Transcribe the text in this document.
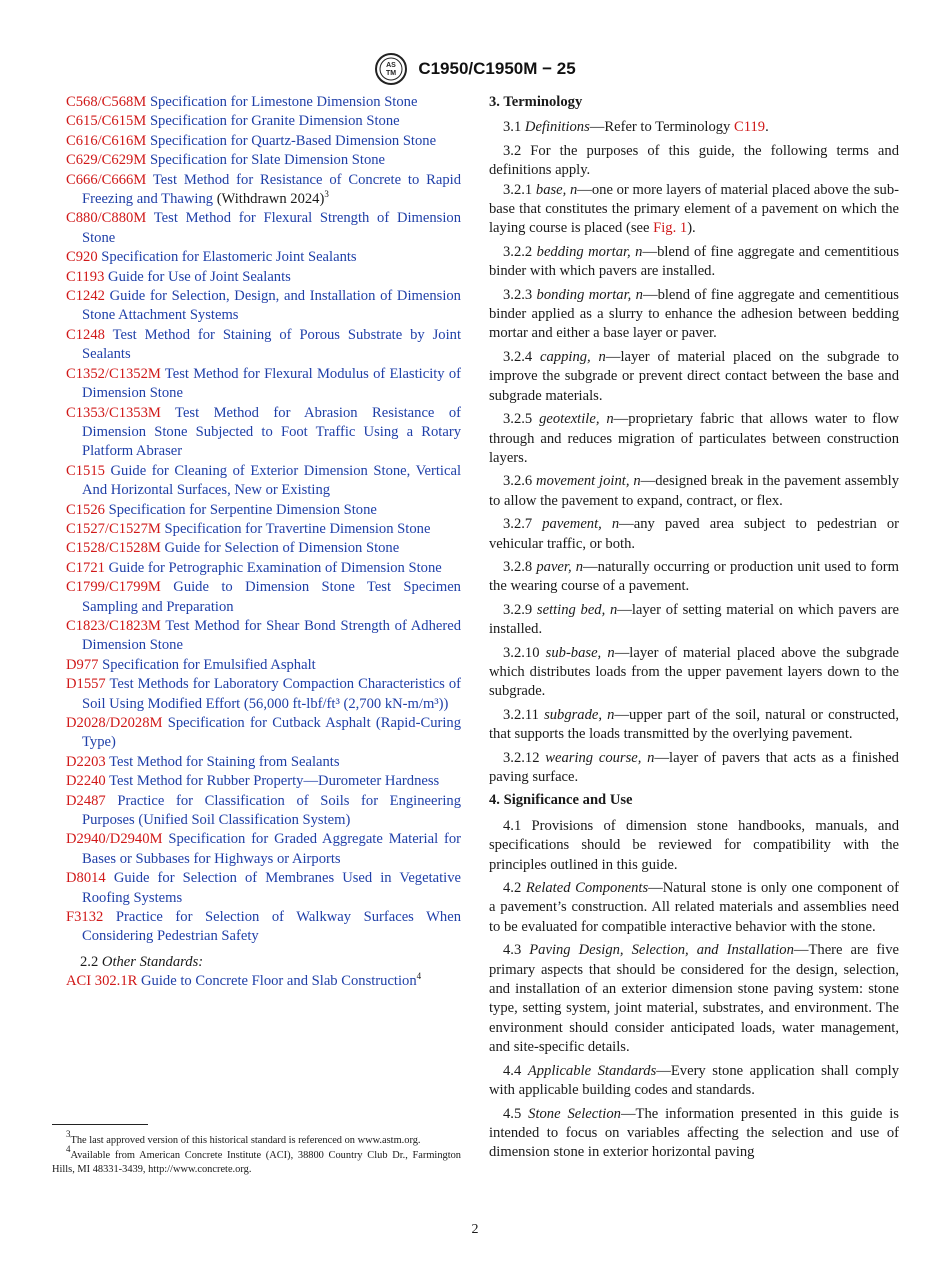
AS
TM C1950/C1950M − 25

C568/C568M Specification for Limestone Dimension Stone

C615/C615M Specification for Granite Dimension Stone

C616/C616M Specification for Quartz-Based Dimension Stone

C629/C629M Specification for Slate Dimension Stone

C666/C666M Test Method for Resistance of Concrete to Rapid Freezing and Thawing (Withdrawn 2024)$^3$

C880/C880M Test Method for Flexural Strength of Dimension Stone

C920 Specification for Elastomeric Joint Sealants

C1193 Guide for Use of Joint Sealants

C1242 Guide for Selection, Design, and Installation of Dimension Stone Attachment Systems

C1248 Test Method for Staining of Porous Substrate by Joint Sealants

C1352/C1352M Test Method for Flexural Modulus of Elasticity of Dimension Stone

C1353/C1353M Test Method for Abrasion Resistance of Dimension Stone Subjected to Foot Traffic Using a Rotary Platform Abraser

C1515 Guide for Cleaning of Exterior Dimension Stone, Vertical And Horizontal Surfaces, New or Existing

C1526 Specification for Serpentine Dimension Stone

C1527/C1527M Specification for Travertine Dimension Stone

C1528/C1528M Guide for Selection of Dimension Stone

C1721 Guide for Petrographic Examination of Dimension Stone

C1799/C1799M Guide to Dimension Stone Test Specimen Sampling and Preparation

C1823/C1823M Test Method for Shear Bond Strength of Adhered Dimension Stone

D977 Specification for Emulsified Asphalt

D1557 Test Methods for Laboratory Compaction Characteristics of Soil Using Modified Effort (56,000 ft-lbf/ft³ (2,700 kN-m/m³))

D2028/D2028M Specification for Cutback Asphalt (Rapid-Curing Type)

D2203 Test Method for Staining from Sealants

D2240 Test Method for Rubber Property—Durometer Hardness

D2487 Practice for Classification of Soils for Engineering Purposes (Unified Soil Classification System)

D2940/D2940M Specification for Graded Aggregate Material for Bases or Subbases for Highways or Airports

D8014 Guide for Selection of Membranes Used in Vegetative Roofing Systems

F3132 Practice for Selection of Walkway Surfaces When Considering Pedestrian Safety

2.2 Other Standards:

ACI 302.1R Guide to Concrete Floor and Slab Construction$^4$

3. Terminology

3.1 Definitions—Refer to Terminology C119.

3.2 For the purposes of this guide, the following terms and definitions apply.

3.2.1 base, n—one or more layers of material placed above the sub-base that constitutes the primary element of a pavement on which the laying course is placed (see Fig. 1).

3.2.2 bedding mortar, n—blend of fine aggregate and cementitious binder with which pavers are installed.

3.2.3 bonding mortar, n—blend of fine aggregate and cementitious binder applied as a slurry to enhance the adhesion between bedding mortar and either a base layer or paver.

3.2.4 capping, n—layer of material placed on the subgrade to improve the subgrade or prevent direct contact between the base and subgrade materials.

3.2.5 geotextile, n—proprietary fabric that allows water to flow through and reduces migration of particulates between construction layers.

3.2.6 movement joint, n—designed break in the pavement assembly to allow the pavement to expand, contract, or flex.

3.2.7 pavement, n—any paved area subject to pedestrian or vehicular traffic, or both.

3.2.8 paver, n—naturally occurring or production unit used to form the wearing course of a pavement.

3.2.9 setting bed, n—layer of setting material on which pavers are installed.

3.2.10 sub-base, n—layer of material placed above the subgrade which distributes loads from the upper pavement layers down to the subgrade.

3.2.11 subgrade, n—upper part of the soil, natural or constructed, that supports the loads transmitted by the overlying pavement.

3.2.12 wearing course, n—layer of pavers that acts as a finished paving surface.

4. Significance and Use

4.1 Provisions of dimension stone handbooks, manuals, and specifications should be reviewed for compatibility with the principles outlined in this guide.

4.2 Related Components—Natural stone is only one component of a pavement’s construction. All related materials and assemblies need to be evaluated for compatible interactive behavior with the stone.

4.3 Paving Design, Selection, and Installation—There are five primary aspects that should be considered for the design, selection, and installation of an exterior dimension stone paving system: stone type, setting system, joint material, substrates, and environment. The environment should consider anticipated loads, water management, and site-specific details.

4.4 Applicable Standards—Every stone application shall comply with applicable building codes and standards.

4.5 Stone Selection—The information presented in this guide is intended to focus on variables affecting the selection and use of dimension stone in exterior horizontal paving

$^3$The last approved version of this historical standard is referenced on www.astm.org.

$^4$Available from American Concrete Institute (ACI), 38800 Country Club Dr., Farmington Hills, MI 48331-3439, http://www.concrete.org.

2
